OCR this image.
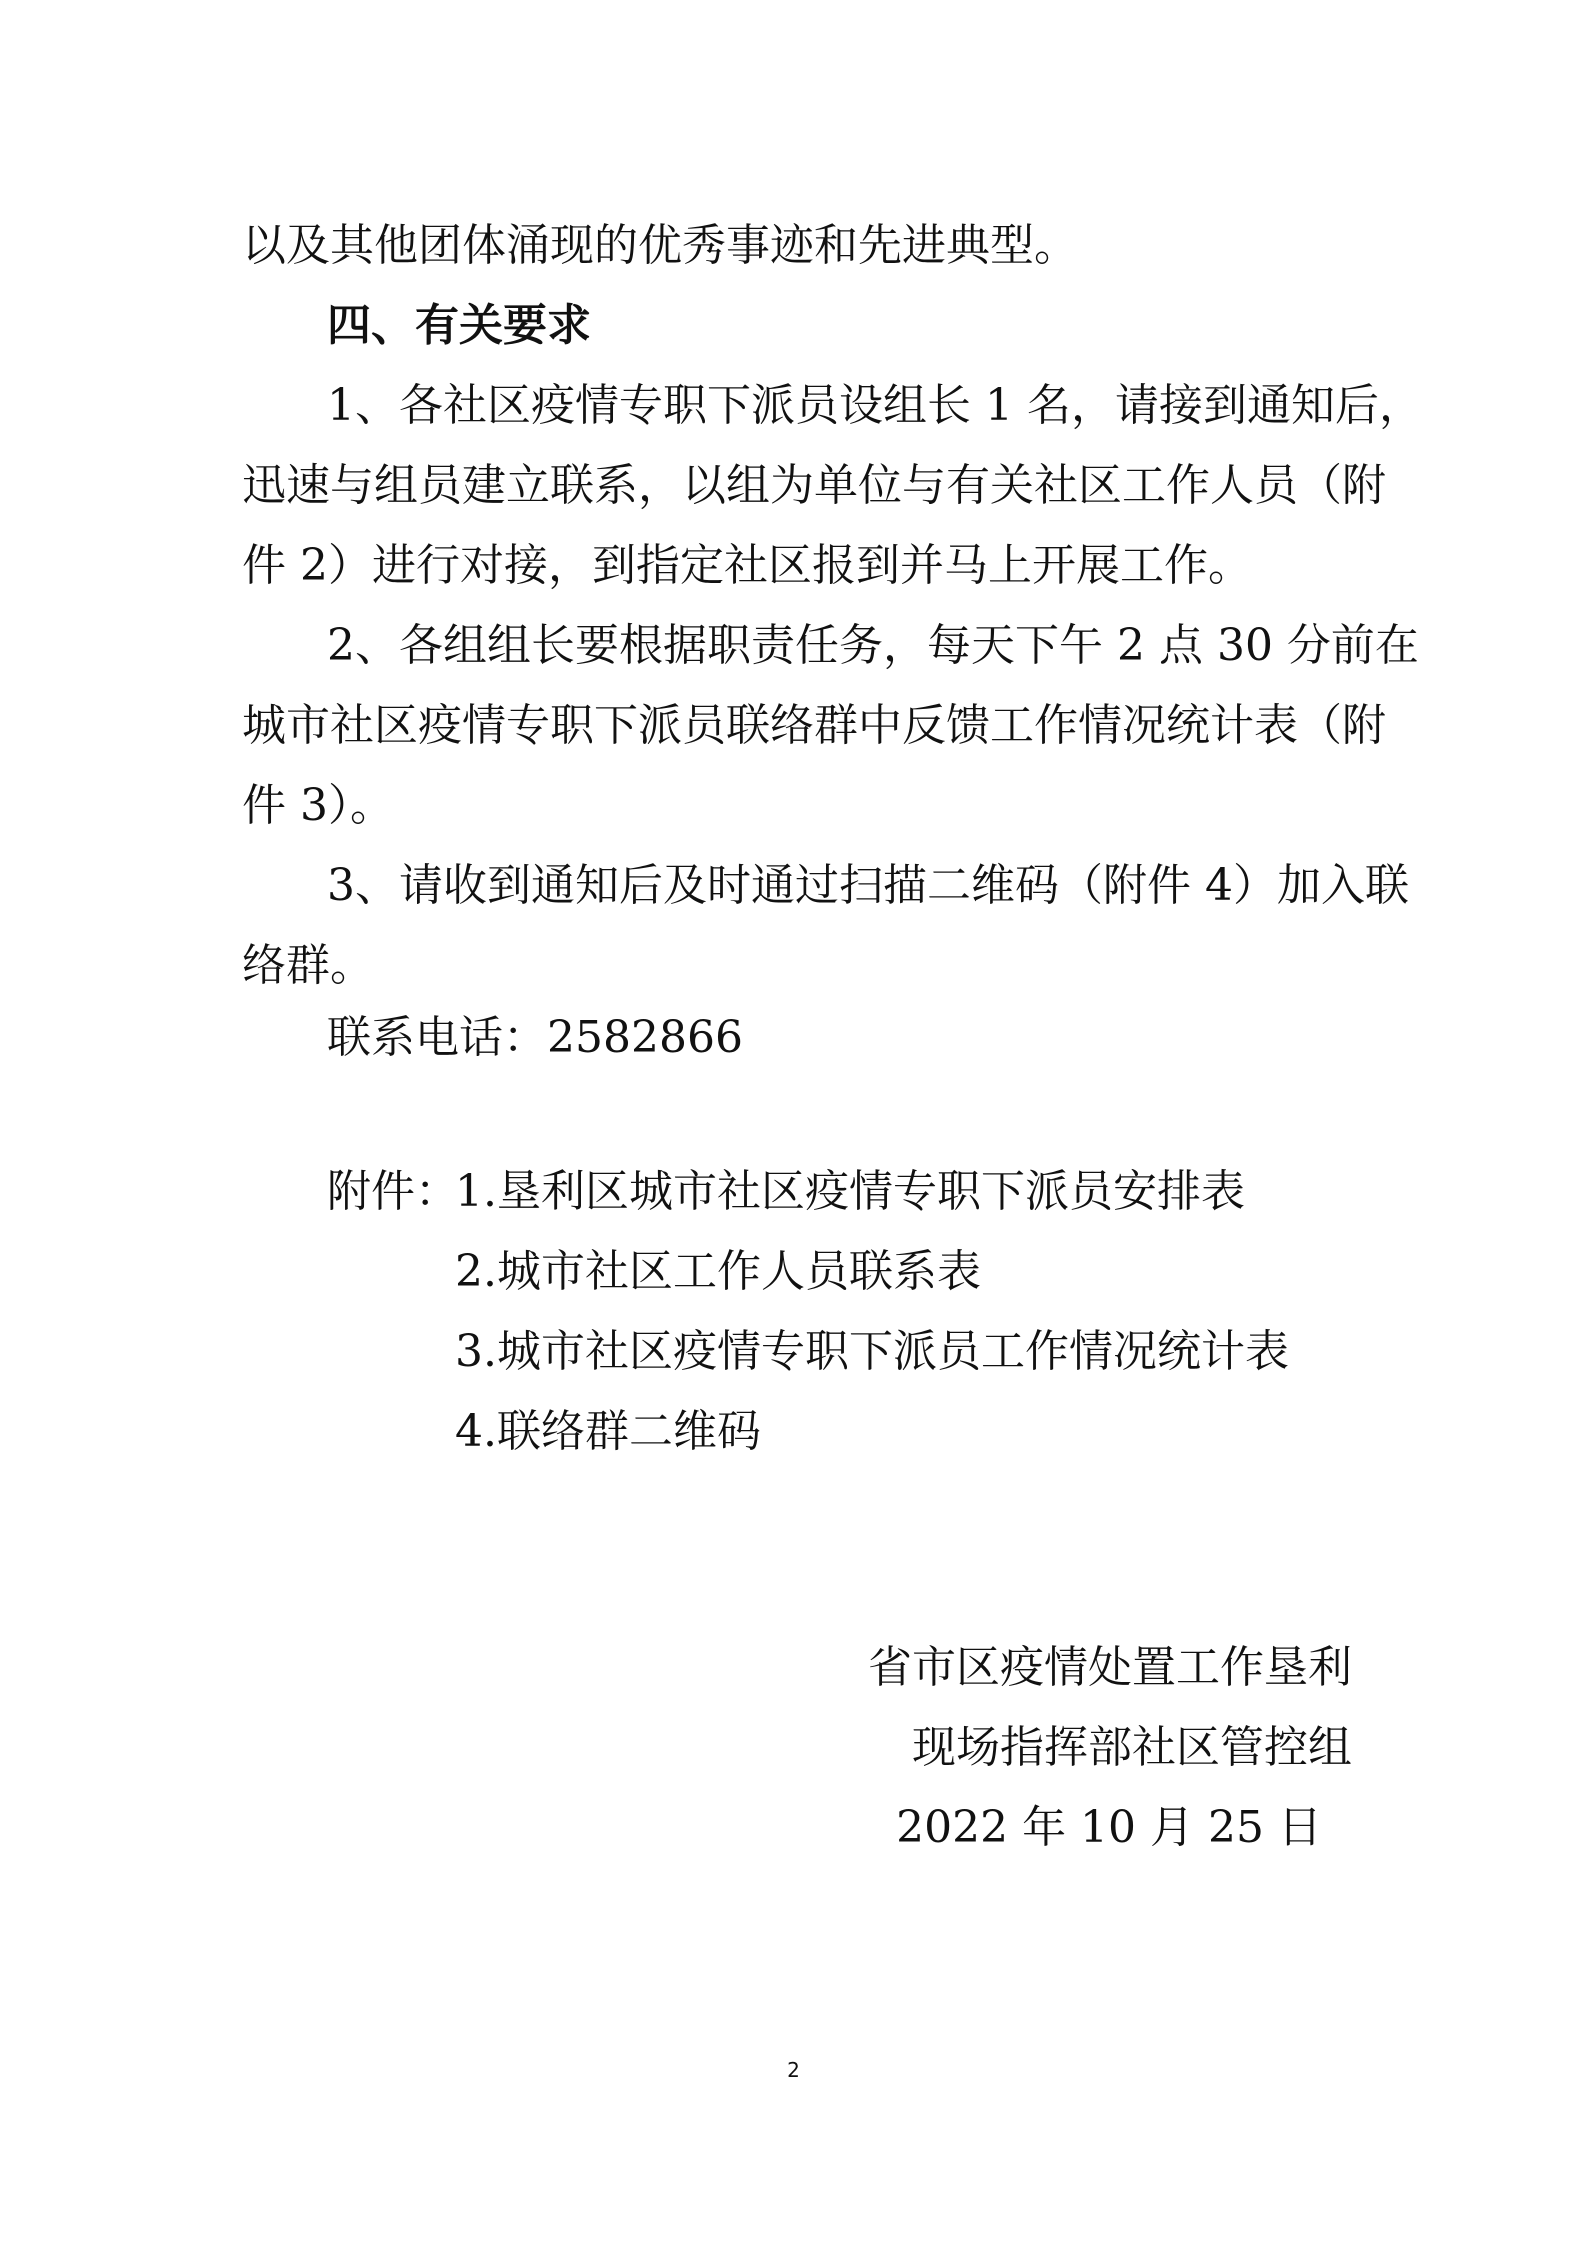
以及其他团体涌现的优秀事迹和先进典型。
四、有关要求
1、各社区疫情专职下派员设组长 1 名，请接到通知后，
迅速与组员建立联系，以组为单位与有关社区工作人员（附
件 2）进行对接，到指定社区报到并马上开展工作。
2、各组组长要根据职责任务，每天下午 2 点 30 分前在
城市社区疫情专职下派员联络群中反馈工作情况统计表（附
件 3）。
3、请收到通知后及时通过扫描二维码（附件 4）加入联
络群。
联系电话：2582866
附件：
1.垦利区城市社区疫情专职下派员安排表
2.城市社区工作人员联系表
3.城市社区疫情专职下派员工作情况统计表
4.联络群二维码
省市区疫情处置工作垦利
现场指挥部社区管控组
2022 年 10 月 25 日
2
